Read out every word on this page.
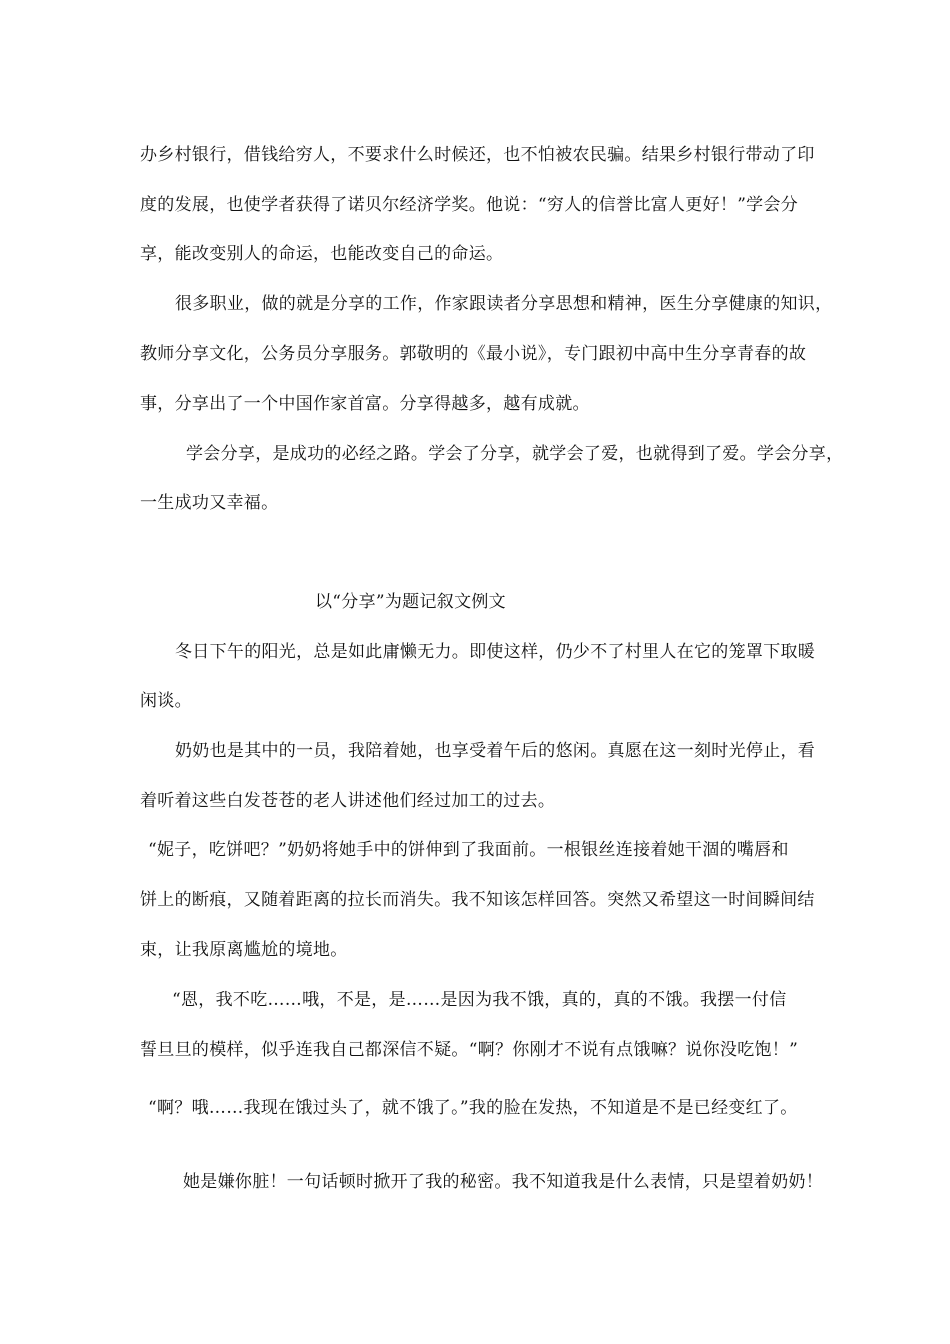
办乡村银行，借钱给穷人，不要求什么时候还，也不怕被农民骗。结果乡村银行带动了印
度的发展，也使学者获得了诺贝尔经济学奖。他说：“穷人的信誉比富人更好！”学会分
享，能改变别人的命运，也能改变自己的命运。
很多职业，做的就是分享的工作，作家跟读者分享思想和精神，医生分享健康的知识，
教师分享文化，公务员分享服务。郭敬明的《最小说》，专门跟初中高中生分享青春的故
事，分享出了一个中国作家首富。分享得越多，越有成就。
学会分享，是成功的必经之路。学会了分享，就学会了爱，也就得到了爱。学会分享，
一生成功又幸福。
以“分享”为题记叙文例文
冬日下午的阳光，总是如此庸懒无力。即使这样，仍少不了村里人在它的笼罩下取暖
闲谈。
奶奶也是其中的一员，我陪着她，也享受着午后的悠闲。真愿在这一刻时光停止，看
着听着这些白发苍苍的老人讲述他们经过加工的过去。
“妮子，吃饼吧？”奶奶将她手中的饼伸到了我面前。一根银丝连接着她干涸的嘴唇和
饼上的断痕，又随着距离的拉长而消失。我不知该怎样回答。突然又希望这一时间瞬间结
束，让我原离尴尬的境地。
“恩，我不吃……哦，不是，是……是因为我不饿，真的，真的不饿。我摆一付信
誓旦旦的模样，似乎连我自己都深信不疑。“啊？你刚才不说有点饿嘛？说你没吃饱！”
“啊？哦……我现在饿过头了，就不饿了。”我的脸在发热，不知道是不是已经变红了。
她是嫌你脏！一句话顿时掀开了我的秘密。我不知道我是什么表情，只是望着奶奶！
